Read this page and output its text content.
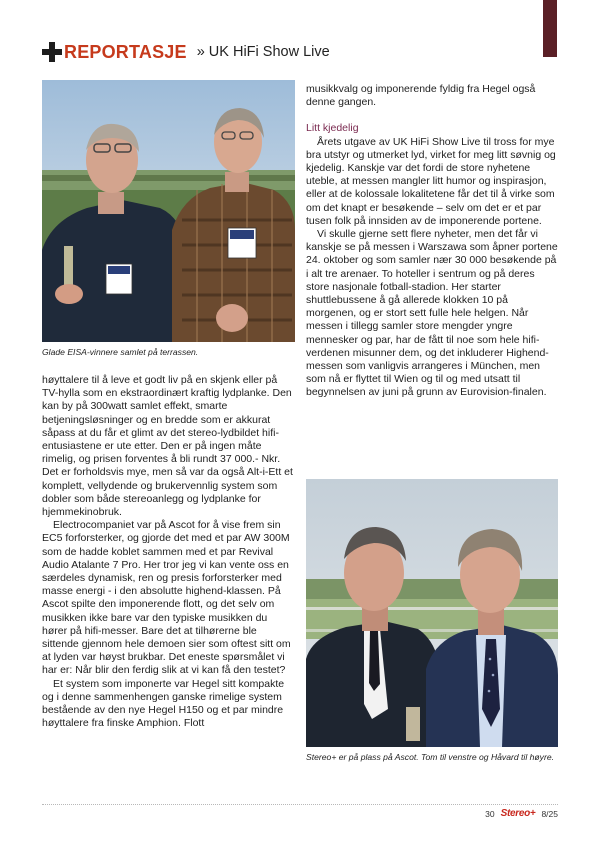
REPORTASJE » UK HiFi Show Live
Glade EISA-vinnere samlet på terrassen.

høyttalere til å leve et godt liv på en skjenk eller på TV-hylla som en ekstraordinært kraftig lydplanke. Den kan by på 300watt samlet effekt, smarte betjeningsløsninger og en bredde som er akkurat såpass at du får et glimt av det stereo-lydbildet hifi-entusiastene er ute etter. Den er på ingen måte rimelig, og prisen forventes å bli rundt 37 000.- Nkr. Det er forholdsvis mye, men så var da også Alt-i-Ett et komplett, vellydende og brukervennlig system som dobler som både stereoanlegg og lydplanke for hjemmekinobruk.

Electrocompaniet var på Ascot for å vise frem sin EC5 forforsterker, og gjorde det med et par AW 300M som de hadde koblet sammen med et par Revival Audio Atalante 7 Pro. Her tror jeg vi kan vente oss en særdeles dynamisk, ren og presis forforsterker med masse energi - i den absolutte highend-klassen. På Ascot spilte den imponerende flott, og det selv om musikken ikke bare var den typiske musikken du hører på hifi-messer. Bare det at tilhørerne ble sittende gjennom hele demoen sier som oftest sitt om at lyden var høyst brukbar. Det eneste spørsmålet vi har er: Når blir den ferdig slik at vi kan få den testet?

Et system som imponerte var Hegel sitt kompakte og i denne sammenhengen ganske rimelige system bestående av den nye Hegel H150 og et par mindre høyttalere fra finske Amphion. Flott

musikkvalg og imponerende fyldig fra Hegel også denne gangen.

Litt kjedelig

Årets utgave av UK HiFi Show Live til tross for mye bra utstyr og utmerket lyd, virket for meg litt søvnig og kjedelig. Kanskje var det fordi de store nyhetene uteble, at messen mangler litt humor og inspirasjon, eller at de kolossale lokalitetene får det til å virke som om det knapt er besøkende – selv om det er et par tusen folk på innsiden av de imponerende portene.

Vi skulle gjerne sett flere nyheter, men det får vi kanskje se på messen i Warszawa som åpner portene 24. oktober og som samler nær 30 000 besøkende på i alt tre arenaer. To hoteller i sentrum og på deres store nasjonale fotball-stadion. Her starter shuttlebussene å gå allerede klokken 10 på morgenen, og er stort sett fulle hele helgen. Når messen i tillegg samler store mengder yngre mennesker og par, har de fått til noe som hele hifi-verdenen misunner dem, og det inkluderer Highend-messen som vanligvis arrangeres i München, men som nå er flyttet til Wien og til og med utsatt til begynnelsen av juni på grunn av Eurovision-finalen.

Stereo+ er på plass på Ascot. Tom til venstre og Håvard til høyre.
30 Stereo+ 8/25
